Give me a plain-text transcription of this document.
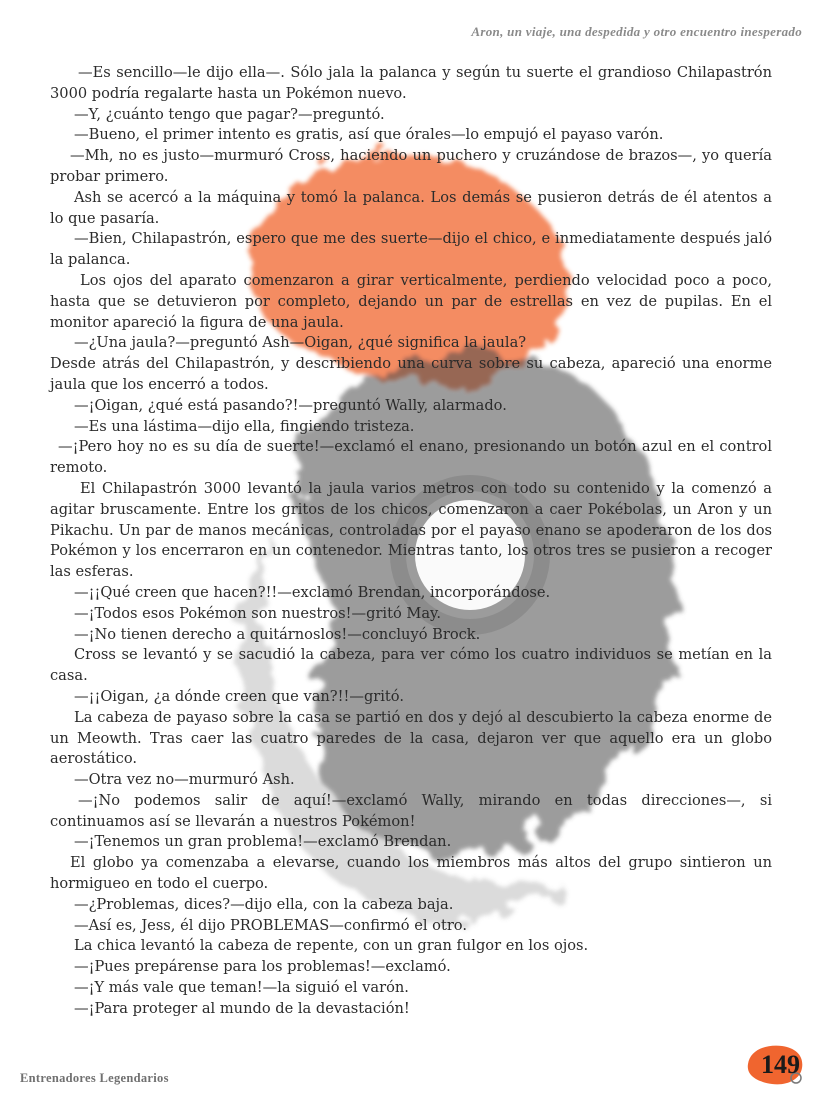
Aron, un viaje, una despedida y otro encuentro inesperado

—Es sencillo—le dijo ella—. Sólo jala la palanca y según tu suerte el grandioso Chilapastrón 3000 podría regalarte hasta un Pokémon nuevo.

—Y, ¿cuánto tengo que pagar?—preguntó.

—Bueno, el primer intento es gratis, así que órales—lo empujó el payaso varón.

—Mh, no es justo—murmuró Cross, haciendo un puchero y cruzándose de brazos—, yo quería probar primero.

Ash se acercó a la máquina y tomó la palanca. Los demás se pusieron detrás de él atentos a lo que pasaría.

—Bien, Chilapastrón, espero que me des suerte—dijo el chico, e inmediatamente después jaló la palanca.

Los ojos del aparato comenzaron a girar verticalmente, perdiendo velocidad poco a poco, hasta que se detuvieron por completo, dejando un par de estrellas en vez de pupilas. En el monitor apareció la figura de una jaula.

—¿Una jaula?—preguntó Ash—Oigan, ¿qué significa la jaula?

Desde atrás del Chilapastrón, y describiendo una curva sobre su cabeza, apareció una enorme jaula que los encerró a todos.

—¡Oigan, ¿qué está pasando?!—preguntó Wally, alarmado.

—Es una lástima—dijo ella, fingiendo tristeza.

—¡Pero hoy no es su día de suerte!—exclamó el enano, presionando un botón azul en el control remoto.

El Chilapastrón 3000 levantó la jaula varios metros con todo su contenido y la comenzó a agitar bruscamente. Entre los gritos de los chicos, comenzaron a caer Pokébolas, un Aron y un Pikachu. Un par de manos mecánicas, controladas por el payaso enano se apoderaron de los dos Pokémon y los encerraron en un contenedor. Mientras tanto, los otros tres se pusieron a recoger las esferas.

—¡¡Qué creen que hacen?!!—exclamó Brendan, incorporándose.

—¡Todos esos Pokémon son nuestros!—gritó May.

—¡No tienen derecho a quitárnoslos!—concluyó Brock.

Cross se levantó y se sacudió la cabeza, para ver cómo los cuatro individuos se metían en la casa.

—¡¡Oigan, ¿a dónde creen que van?!!—gritó.

La cabeza de payaso sobre la casa se partió en dos y dejó al descubierto la cabeza enorme de un Meowth. Tras caer las cuatro paredes de la casa, dejaron ver que aquello era un globo aerostático.

—Otra vez no—murmuró Ash.

—¡No podemos salir de aquí!—exclamó Wally, mirando en todas direcciones—, si continuamos así se llevarán a nuestros Pokémon!

—¡Tenemos un gran problema!—exclamó Brendan.

El globo ya comenzaba a elevarse, cuando los miembros más altos del grupo sintieron un hormigueo en todo el cuerpo.

—¿Problemas, dices?—dijo ella, con la cabeza baja.

—Así es, Jess, él dijo PROBLEMAS—confirmó el otro.

La chica levantó la cabeza de repente, con un gran fulgor en los ojos.

—¡Pues prepárense para los problemas!—exclamó.

—¡Y más vale que teman!—la siguió el varón.

—¡Para proteger al mundo de la devastación!

Entrenadores Legendarios	149
